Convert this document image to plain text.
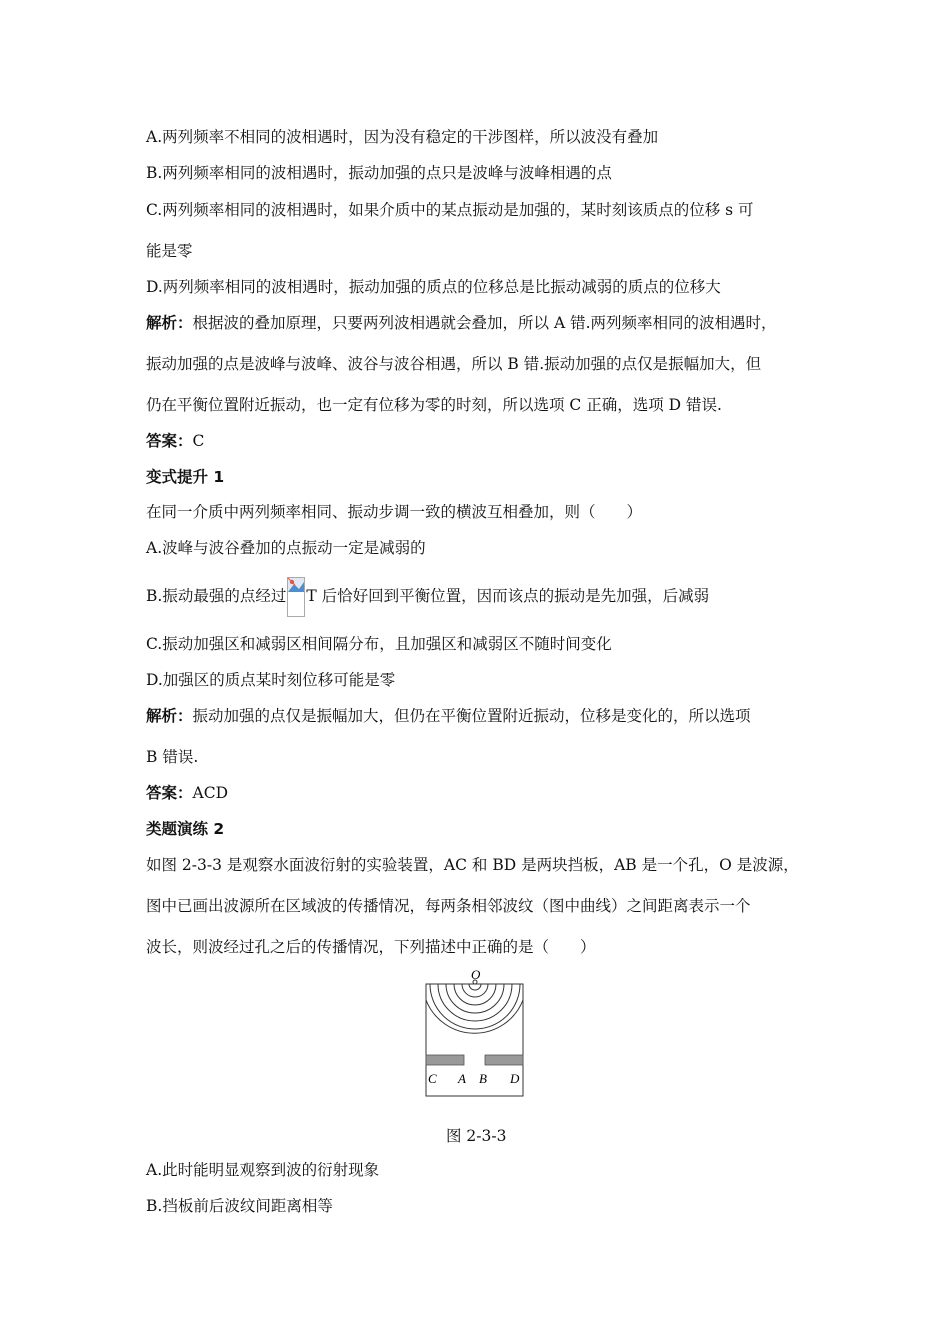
A.两列频率不相同的波相遇时，因为没有稳定的干涉图样，所以波没有叠加
B.两列频率相同的波相遇时，振动加强的点只是波峰与波峰相遇的点
C.两列频率相同的波相遇时，如果介质中的某点振动是加强的，某时刻该质点的位移 s 可
能是零
D.两列频率相同的波相遇时，振动加强的质点的位移总是比振动减弱的质点的位移大
解析：根据波的叠加原理，只要两列波相遇就会叠加，所以 A 错.两列频率相同的波相遇时，
振动加强的点是波峰与波峰、波谷与波谷相遇，所以 B 错.振动加强的点仅是振幅加大，但
仍在平衡位置附近振动，也一定有位移为零的时刻，所以选项 C 正确，选项 D 错误.
答案：C
变式提升 1
在同一介质中两列频率相同、振动步调一致的横波互相叠加，则（　　）
A.波峰与波谷叠加的点振动一定是减弱的
B.振动最强的点经过 T 后恰好回到平衡位置，因而该点的振动是先加强，后减弱
C.振动加强区和减弱区相间隔分布，且加强区和减弱区不随时间变化
D.加强区的质点某时刻位移可能是零
解析：振动加强的点仅是振幅加大，但仍在平衡位置附近振动，位移是变化的，所以选项
B 错误.
答案：ACD
类题演练 2
如图 2-3-3 是观察水面波衍射的实验装置，AC 和 BD 是两块挡板，AB 是一个孔，O 是波源，
图中已画出波源所在区域波的传播情况，每两条相邻波纹（图中曲线）之间距离表示一个
波长，则波经过孔之后的传播情况，下列描述中正确的是（　　）
O
C A B D
图 2-3-3
A.此时能明显观察到波的衍射现象
B.挡板前后波纹间距离相等
